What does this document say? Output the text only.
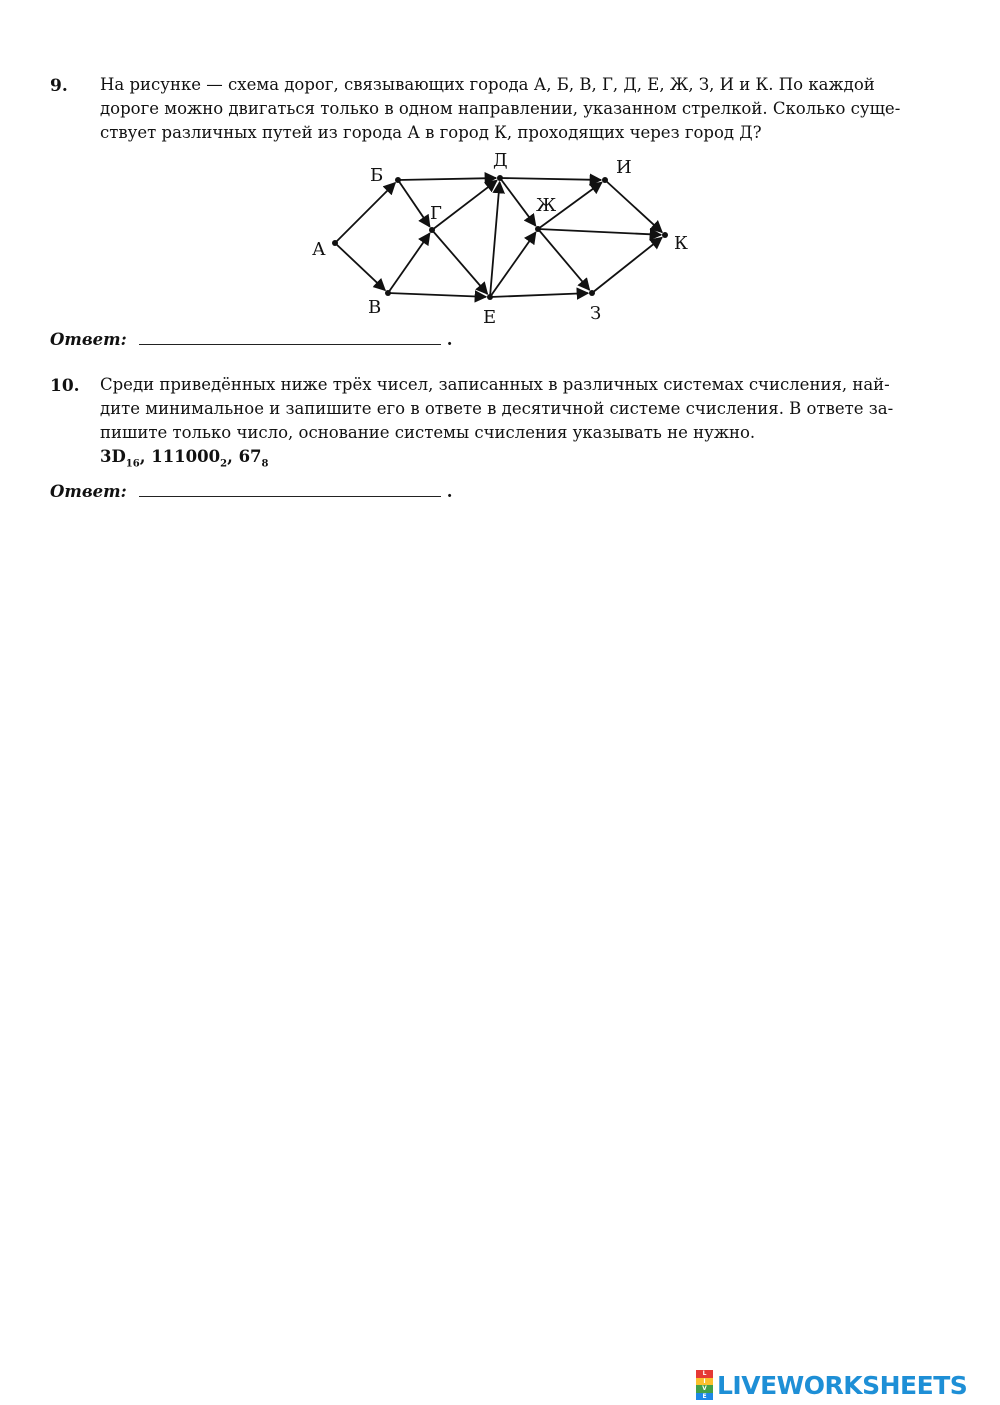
9. На рисунке — схема дорог, связывающих города А, Б, В, Г, Д, Е, Ж, З, И и К. По каждой
дороге можно двигаться только в одном направлении, указанном стрелкой. Сколько суще-
ствует различных путей из города А в город К, проходящих через город Д?
А
Б
В
Г
Д
Е
Ж
З
И
К
Ответ:	.
10. Среди приведённых ниже трёх чисел, записанных в различных системах счисления, най-
дите минимальное и запишите его в ответе в десятичной системе счисления. В ответе за-
пишите только число, основание системы счисления указывать не нужно.
$3D_{16}$, $111000_2$, $67_8$
Ответ:	.
L
I
V
E LIVEWORKSHEETS
